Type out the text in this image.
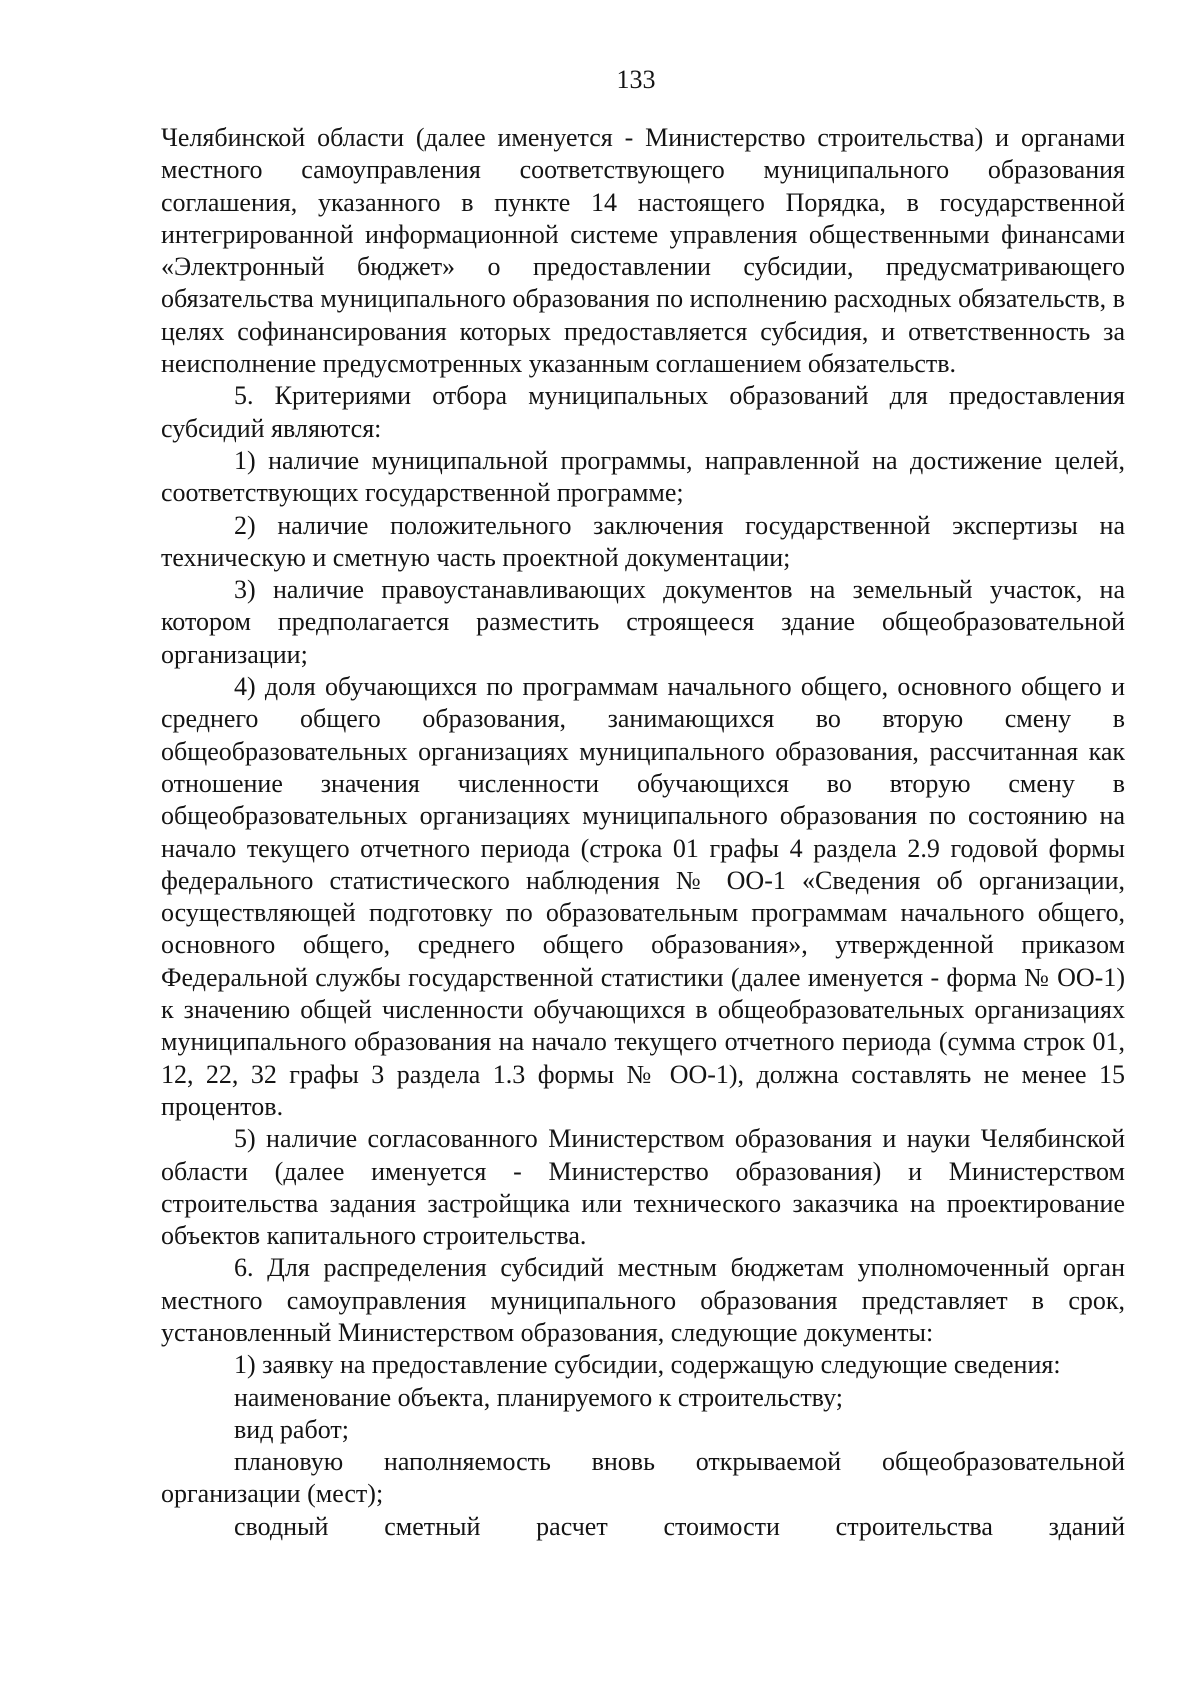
133

Челябинской области (далее именуется - Министерство строительства) и органами местного самоуправления соответствующего муниципального образования соглашения, указанного в пункте 14 настоящего Порядка, в государственной интегрированной информационной системе управления общественными финансами «Электронный бюджет» о предоставлении субсидии, предусматривающего обязательства муниципального образования по исполнению расходных обязательств, в целях софинансирования которых предоставляется субсидия, и ответственность за неисполнение предусмотренных указанным соглашением обязательств.

5. Критериями отбора муниципальных образований для предоставления субсидий являются:

1) наличие муниципальной программы, направленной на достижение целей, соответствующих государственной программе;

2) наличие положительного заключения государственной экспертизы на техническую и сметную часть проектной документации;

3) наличие правоустанавливающих документов на земельный участок, на котором предполагается разместить строящееся здание общеобразовательной организации;

4) доля обучающихся по программам начального общего, основного общего и среднего общего образования, занимающихся во вторую смену в общеобразовательных организациях муниципального образования, рассчитанная как отношение значения численности обучающихся во вторую смену в общеобразовательных организациях муниципального образования по состоянию на начало текущего отчетного периода (строка 01 графы 4 раздела 2.9 годовой формы федерального статистического наблюдения № ОО-1 «Сведения об организации, осуществляющей подготовку по образовательным программам начального общего, основного общего, среднего общего образования», утвержденной приказом Федеральной службы государственной статистики (далее именуется - форма № ОО-1) к значению общей численности обучающихся в общеобразовательных организациях муниципального образования на начало текущего отчетного периода (сумма строк 01, 12, 22, 32 графы 3 раздела 1.3 формы № ОО-1), должна составлять не менее 15 процентов.

5) наличие согласованного Министерством образования и науки Челябинской области (далее именуется - Министерство образования) и Министерством строительства задания застройщика или технического заказчика на проектирование объектов капитального строительства.

6. Для распределения субсидий местным бюджетам уполномоченный орган местного самоуправления муниципального образования представляет в срок, установленный Министерством образования, следующие документы:

1) заявку на предоставление субсидии, содержащую следующие сведения:

наименование объекта, планируемого к строительству;

вид работ;

плановую наполняемость вновь открываемой общеобразовательной организации (мест);

сводный сметный расчет стоимости строительства зданий
